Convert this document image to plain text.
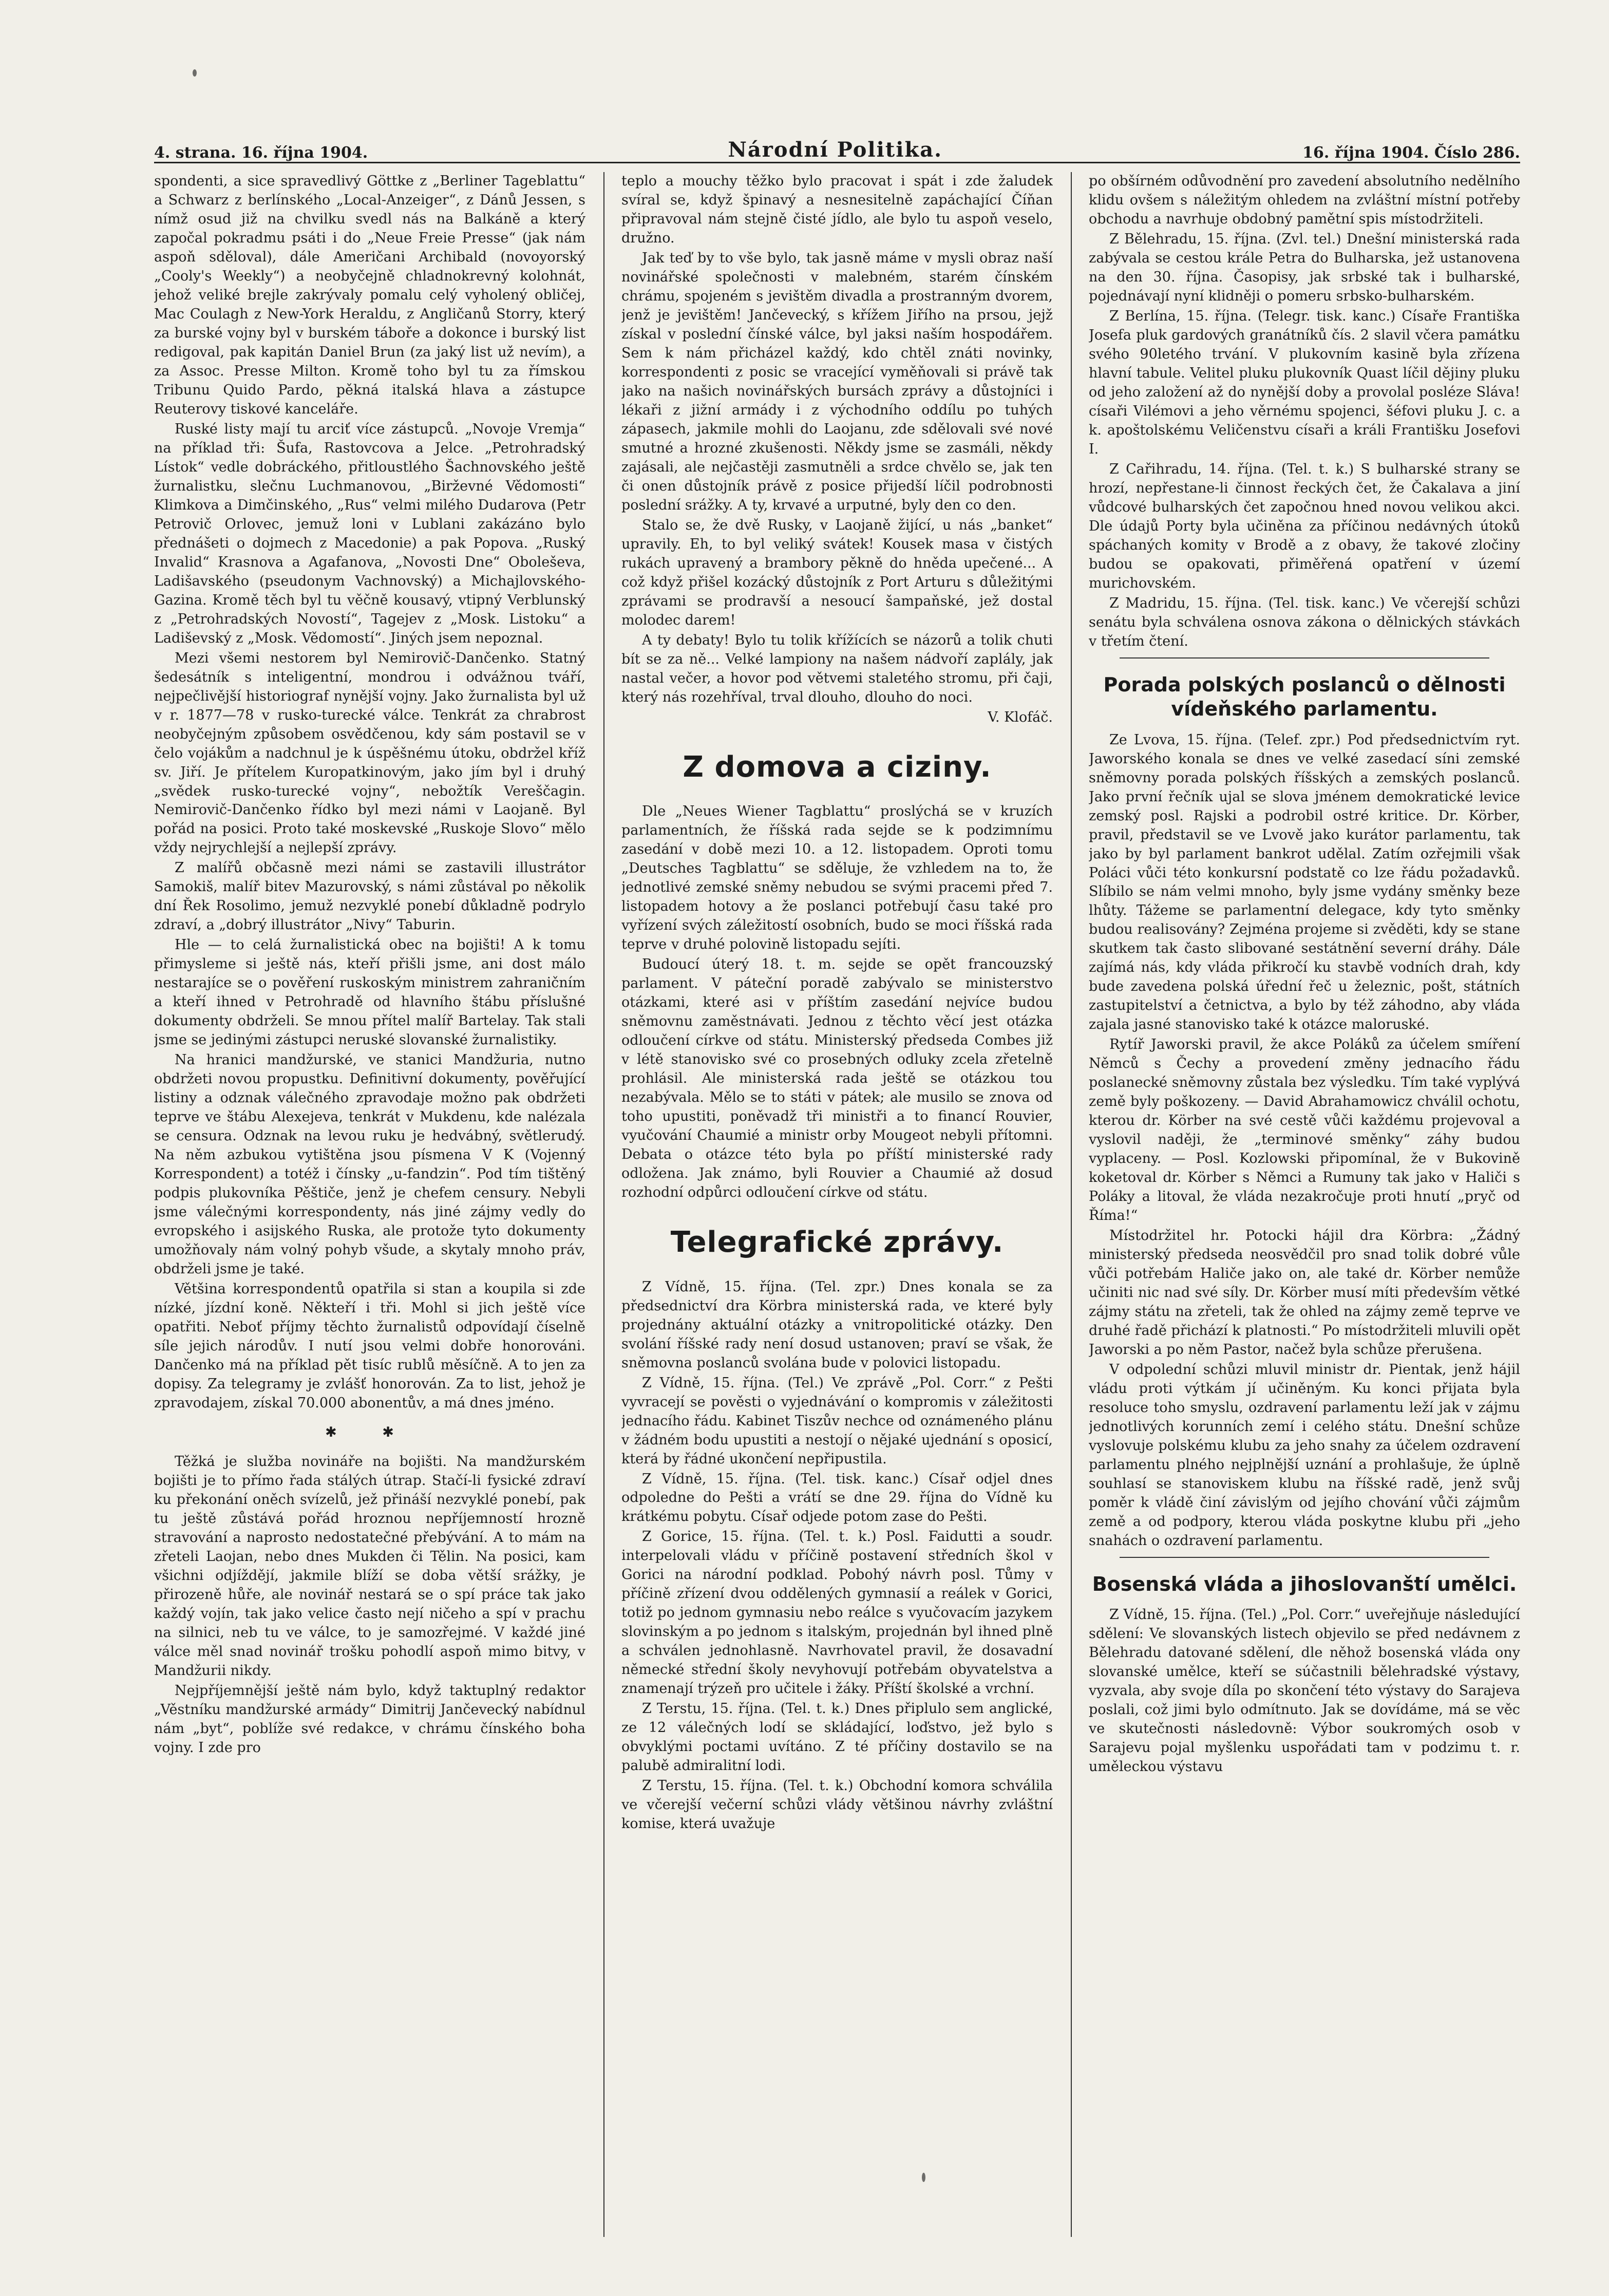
4. strana. 16. října 1904.	Národní Politika.	16. října 1904. Číslo 286.

spondenti, a sice spravedlivý Göttke z „Berliner Tageblattu“ a Schwarz z berlínského „Local-Anzeiger“, z Dánů Jessen, s nímž osud již na chvilku svedl nás na Balkáně a který započal pokradmu psáti i do „Neue Freie Presse“ (jak nám aspoň sděloval), dále Američani Archibald (novoyorský „Cooly's Weekly“) a neobyčejně chladnokrevný kolohnát, jehož veliké brejle zakrývaly pomalu celý vyholený obličej, Mac Coulagh z New-York Heraldu, z Angličanů Storry, který za burské vojny byl v burském táboře a dokonce i burský list redigoval, pak kapitán Daniel Brun (za jaký list už nevím), a za Assoc. Presse Milton. Kromě toho byl tu za římskou Tribunu Quido Pardo, pěkná italská hlava a zástupce Reuterovy tiskové kanceláře.

Ruské listy mají tu arciť více zástupců. „Novoje Vremja“ na příklad tři: Šufa, Rastovcova a Jelce. „Petrohradský Lístok“ vedle dobráckého, přitloustlého Šachnovského ještě žurnalistku, slečnu Luchmanovou, „Birževné Vědomosti“ Klimkova a Dimčinského, „Rus“ velmi milého Dudarova (Petr Petrovič Orlovec, jemuž loni v Lublani zakázáno bylo přednášeti o dojmech z Macedonie) a pak Popova. „Ruský Invalid“ Krasnova a Agafanova, „Novosti Dne“ Oboleševa, Ladišavského (pseudonym Vachnovský) a Michajlovského-Gazina. Kromě těch byl tu věčně kousavý, vtipný Verblunský z „Petrohradských Novostí“, Tagejev z „Mosk. Listoku“ a Ladiševský z „Mosk. Vědomostí“. Jiných jsem nepoznal.

Mezi všemi nestorem byl Nemirovič-Dančenko. Statný šedesátník s inteligentní, mondrou i odvážnou tváří, nejpečlivější historiograf nynější vojny. Jako žurnalista byl už v r. 1877—78 v rusko-turecké válce. Tenkrát za chrabrost neobyčejným způsobem osvědčenou, kdy sám postavil se v čelo vojákům a nadchnul je k úspěšnému útoku, obdržel kříž sv. Jiří. Je přítelem Kuropatkinovým, jako jím byl i druhý „svědek rusko-turecké vojny“, nebožtík Vereščagin. Nemirovič-Dančenko řídko byl mezi námi v Laojaně. Byl pořád na posici. Proto také moskevské „Ruskoje Slovo“ mělo vždy nejrychlejší a nejlepší zprávy.

Z malířů občasně mezi námi se zastavili illustrátor Samokiš, malíř bitev Mazurovský, s námi zůstával po několik dní Řek Rosolimo, jemuž nezvyklé ponebí důkladně podrylo zdraví, a „dobrý illustrátor „Nivy“ Taburin.

Hle — to celá žurnalistická obec na bojišti! A k tomu přimysleme si ještě nás, kteří přišli jsme, ani dost málo nestarajíce se o pověření ruskoským ministrem zahraničním a kteří ihned v Petrohradě od hlavního štábu příslušné dokumenty obdrželi. Se mnou přítel malíř Bartelay. Tak stali jsme se jedinými zástupci neruské slovanské žurnalistiky.

Na hranici mandžurské, ve stanici Mandžuria, nutno obdržeti novou propustku. Definitivní dokumenty, pověřující listiny a odznak válečného zpravodaje možno pak obdržeti teprve ve štábu Alexejeva, tenkrát v Mukdenu, kde nalézala se censura. Odznak na levou ruku je hedvábný, světlerudý. Na něm azbukou vytištěna jsou písmena V K (Vojenný Korrespondent) a totéž i čínsky „u-fandzin“. Pod tím tištěný podpis plukovníka Pěštiče, jenž je chefem censury. Nebyli jsme válečnými korrespondenty, nás jiné zájmy vedly do evropského i asijského Ruska, ale protože tyto dokumenty umožňovaly nám volný pohyb všude, a skytaly mnoho práv, obdrželi jsme je také.

Většina korrespondentů opatřila si stan a koupila si zde nízké, jízdní koně. Někteří i tři. Mohl si jich ještě více opatřiti. Neboť příjmy těchto žurnalistů odpovídají číselně síle jejich národův. I nutí jsou velmi dobře honorováni. Dančenko má na příklad pět tisíc rublů měsíčně. A to jen za dopisy. Za telegramy je zvlášť honorován. Za to list, jehož je zpravodajem, získal 70.000 abonentův, a má dnes jméno.

✱ ✱

Těžká je služba novináře na bojišti. Na mandžurském bojišti je to přímo řada stálých útrap. Stačí-li fysické zdraví ku překonání oněch svízelů, jež přináší nezvyklé ponebí, pak tu ještě zůstává pořád hroznou nepříjemností hrozně stravování a naprosto nedostatečné přebývání. A to mám na zřeteli Laojan, nebo dnes Mukden či Tělin. Na posici, kam všichni odjíždějí, jakmile blíží se doba větší srážky, je přirozeně hůře, ale novinář nestará se o spí práce tak jako každý vojín, tak jako velice často nejí ničeho a spí v prachu na silnici, neb tu ve válce, to je samozřejmé. V každé jiné válce měl snad novinář trošku pohodlí aspoň mimo bitvy, v Mandžurii nikdy.

Nejpříjemnější ještě nám bylo, když taktuplný redaktor „Věstníku mandžurské armády“ Dimitrij Jančevecký nabídnul nám „byt“, poblíže své redakce, v chrámu čínského boha vojny. I zde pro

teplo a mouchy těžko bylo pracovat i spát i zde žaludek svíral se, když špinavý a nesnesitelně zapáchající Číňan připravoval nám stejně čisté jídlo, ale bylo tu aspoň veselo, družno.

Jak teď by to vše bylo, tak jasně máme v mysli obraz naší novinářské společnosti v malebném, starém čínském chrámu, spojeném s jevištěm divadla a prostranným dvorem, jenž je jevištěm! Jančevecký, s křížem Jiřího na prsou, jejž získal v poslední čínské válce, byl jaksi naším hospodářem. Sem k nám přicházel každý, kdo chtěl znáti novinky, korrespondenti z posic se vracející vyměňovali si právě tak jako na našich novinářských bursách zprávy a důstojníci i lékaři z jižní armády i z východního oddílu po tuhých zápasech, jakmile mohli do Laojanu, zde sdělovali své nové smutné a hrozné zkušenosti. Někdy jsme se zasmáli, někdy zajásali, ale nejčastěji zasmutněli a srdce chvělo se, jak ten či onen důstojník právě z posice přijedší líčil podrobnosti poslední srážky. A ty, krvavé a urputné, byly den co den.

Stalo se, že dvě Rusky, v Laojaně žijící, u nás „banket“ upravily. Eh, to byl veliký svátek! Kousek masa v čistých rukách upravený a brambory pěkně do hněda upečené... A což když přišel kozácký důstojník z Port Arturu s důležitými zprávami se prodravší a nesoucí šampaňské, jež dostal molodec darem!

A ty debaty! Bylo tu tolik křížících se názorů a tolik chuti bít se za ně... Velké lampiony na našem nádvoří zaplály, jak nastal večer, a hovor pod větvemi staletého stromu, při čaji, který nás rozehříval, trval dlouho, dlouho do noci.

V. Klofáč.

Z domova a ciziny.

Dle „Neues Wiener Tagblattu“ proslýchá se v kruzích parlamentních, že říšská rada sejde se k podzimnímu zasedání v době mezi 10. a 12. listopadem. Oproti tomu „Deutsches Tagblattu“ se sděluje, že vzhledem na to, že jednotlivé zemské sněmy nebudou se svými pracemi před 7. listopadem hotovy a že poslanci potřebují času také pro vyřízení svých záležitostí osobních, budo se moci říšská rada teprve v druhé polovině listopadu sejíti.

Budoucí úterý 18. t. m. sejde se opět francouzský parlament. V páteční poradě zabývalo se ministerstvo otázkami, které asi v příštím zasedání nejvíce budou sněmovnu zaměstnávati. Jednou z těchto věcí jest otázka odloučení církve od státu. Ministerský předseda Combes již v létě stanovisko své co prosebných odluky zcela zřetelně prohlásil. Ale ministerská rada ještě se otázkou tou nezabývala. Mělo se to státi v pátek; ale musilo se znova od toho upustiti, poněvadž tři ministři a to financí Rouvier, vyučování Chaumié a ministr orby Mougeot nebyli přítomni. Debata o otázce této byla po příští ministerské rady odložena. Jak známo, byli Rouvier a Chaumié až dosud rozhodní odpůrci odloučení církve od státu.

Telegrafické zprávy.

Z Vídně, 15. října. (Tel. zpr.) Dnes konala se za předsednictví dra Körbra ministerská rada, ve které byly projednány aktuální otázky a vnitropolitické otázky. Den svolání říšské rady není dosud ustanoven; praví se však, že sněmovna poslanců svolána bude v polovici listopadu.

Z Vídně, 15. října. (Tel.) Ve zprávě „Pol. Corr.“ z Pešti vyvracejí se pověsti o vyjednávání o kompromis v záležitosti jednacího řádu. Kabinet Tiszův nechce od oznámeného plánu v žádném bodu upustiti a nestojí o nějaké ujednání s oposicí, která by řádné ukončení nepřipustila.

Z Vídně, 15. října. (Tel. tisk. kanc.) Císař odjel dnes odpoledne do Pešti a vrátí se dne 29. října do Vídně ku krátkému pobytu. Císař odjede potom zase do Pešti.

Z Gorice, 15. října. (Tel. t. k.) Posl. Faidutti a soudr. interpelovali vládu v příčině postavení středních škol v Gorici na národní podklad. Pobohý návrh posl. Tůmy v příčině zřízení dvou oddělených gymnasií a reálek v Gorici, totiž po jednom gymnasiu nebo reálce s vyučovacím jazykem slovinským a po jednom s italským, projednán byl ihned plně a schválen jednohlasně. Navrhovatel pravil, že dosavadní německé střední školy nevyhovují potřebám obyvatelstva a znamenají trýzeň pro učitele i žáky. Příští školské a vrchní.

Z Terstu, 15. října. (Tel. t. k.) Dnes připlulo sem anglické, ze 12 válečných lodí se skládající, loďstvo, jež bylo s obvyklými poctami uvítáno. Z té příčiny dostavilo se na palubě admiralitní lodi.

Z Terstu, 15. října. (Tel. t. k.) Obchodní komora schválila ve včerejší večerní schůzi vlády většinou návrhy zvláštní komise, která uvažuje

po obšírném odůvodnění pro zavedení absolutního nedělního klidu ovšem s náležitým ohledem na zvláštní místní potřeby obchodu a navrhuje obdobný pamětní spis místodržiteli.

Z Bělehradu, 15. října. (Zvl. tel.) Dnešní ministerská rada zabývala se cestou krále Petra do Bulharska, jež ustanovena na den 30. října. Časopisy, jak srbské tak i bulharské, pojednávají nyní klidněji o pomeru srbsko-bulharském.

Z Berlína, 15. října. (Telegr. tisk. kanc.) Císaře Františka Josefa pluk gardových granátníků čís. 2 slavil včera památku svého 90letého trvání. V plukovním kasině byla zřízena hlavní tabule. Velitel pluku plukovník Quast líčil dějiny pluku od jeho založení až do nynější doby a provolal posléze Sláva! císaři Vilémovi a jeho věrnému spojenci, šéfovi pluku J. c. a k. apoštolskému Veličenstvu císaři a králi Františku Josefovi I.

Z Cařihradu, 14. října. (Tel. t. k.) S bulharské strany se hrozí, nepřestane-li činnost řeckých čet, že Čakalava a jiní vůdcové bulharských čet započnou hned novou velikou akci. Dle údajů Porty byla učiněna za příčinou nedávných útoků spáchaných komity v Brodě a z obavy, že takové zločiny budou se opakovati, přiměřená opatření v území murichovském.

Z Madridu, 15. října. (Tel. tisk. kanc.) Ve včerejší schůzi senátu byla schválena osnova zákona o dělnických stávkách v třetím čtení.

Porada polských poslanců o dělnosti vídeňského parlamentu.

Ze Lvova, 15. října. (Telef. zpr.) Pod předsednictvím ryt. Jaworského konala se dnes ve velké zasedací síni zemské sněmovny porada polských říšských a zemských poslanců. Jako první řečník ujal se slova jménem demokratické levice zemský posl. Rajski a podrobil ostré kritice. Dr. Körber, pravil, představil se ve Lvově jako kurátor parlamentu, tak jako by byl parlament bankrot udělal. Zatím ozřejmili však Poláci vůči této konkursní podstatě co lze řádu požadavků. Slíbilo se nám velmi mnoho, byly jsme vydány směnky beze lhůty. Tážeme se parlamentní delegace, kdy tyto směnky budou realisovány? Zejména projeme si zvěděti, kdy se stane skutkem tak často slibované sestátnění severní dráhy. Dále zajímá nás, kdy vláda přikročí ku stavbě vodních drah, kdy bude zavedena polská úřední řeč u železnic, pošt, státních zastupitelství a četnictva, a bylo by též záhodno, aby vláda zajala jasné stanovisko také k otázce maloruské.

Rytíř Jaworski pravil, že akce Poláků za účelem smíření Němců s Čechy a provedení změny jednacího řádu poslanecké sněmovny zůstala bez výsledku. Tím také vyplývá země byly poškozeny. — David Abrahamowicz chválil ochotu, kterou dr. Körber na své cestě vůči každému projevoval a vyslovil naději, že „terminové směnky“ záhy budou vyplaceny. — Posl. Kozlowski připomínal, že v Bukovině koketoval dr. Körber s Němci a Rumuny tak jako v Haliči s Poláky a litoval, že vláda nezakročuje proti hnutí „pryč od Říma!“

Místodržitel hr. Potocki hájil dra Körbra: „Žádný ministerský předseda neosvědčil pro snad tolik dobré vůle vůči potřebám Haliče jako on, ale také dr. Körber nemůže učiniti nic nad své síly. Dr. Körber musí míti především větké zájmy státu na zřeteli, tak že ohled na zájmy země teprve ve druhé řadě přichází k platnosti.“ Po místodržiteli mluvili opět Jaworski a po něm Pastor, načež byla schůze přerušena.

V odpolední schůzi mluvil ministr dr. Pientak, jenž hájil vládu proti výtkám jí učiněným. Ku konci přijata byla resoluce toho smyslu, ozdravení parlamentu leží jak v zájmu jednotlivých korunních zemí i celého státu. Dnešní schůze vyslovuje polskému klubu za jeho snahy za účelem ozdravení parlamentu plného nejplnější uznání a prohlašuje, že úplně souhlasí se stanoviskem klubu na říšské radě, jenž svůj poměr k vládě činí závislým od jejího chování vůči zájmům země a od podpory, kterou vláda poskytne klubu při „jeho snahách o ozdravení parlamentu.

Bosenská vláda a jihoslovanští umělci.

Z Vídně, 15. října. (Tel.) „Pol. Corr.“ uveřejňuje následující sdělení: Ve slovanských listech objevilo se před nedávnem z Bělehradu datované sdělení, dle něhož bosenská vláda ony slovanské umělce, kteří se súčastnili bělehradské výstavy, vyzvala, aby svoje díla po skončení této výstavy do Sarajeva poslali, což jimi bylo odmítnuto. Jak se dovídáme, má se věc ve skutečnosti následovně: Výbor soukromých osob v Sarajevu pojal myšlenku uspořádati tam v podzimu t. r. uměleckou výstavu
